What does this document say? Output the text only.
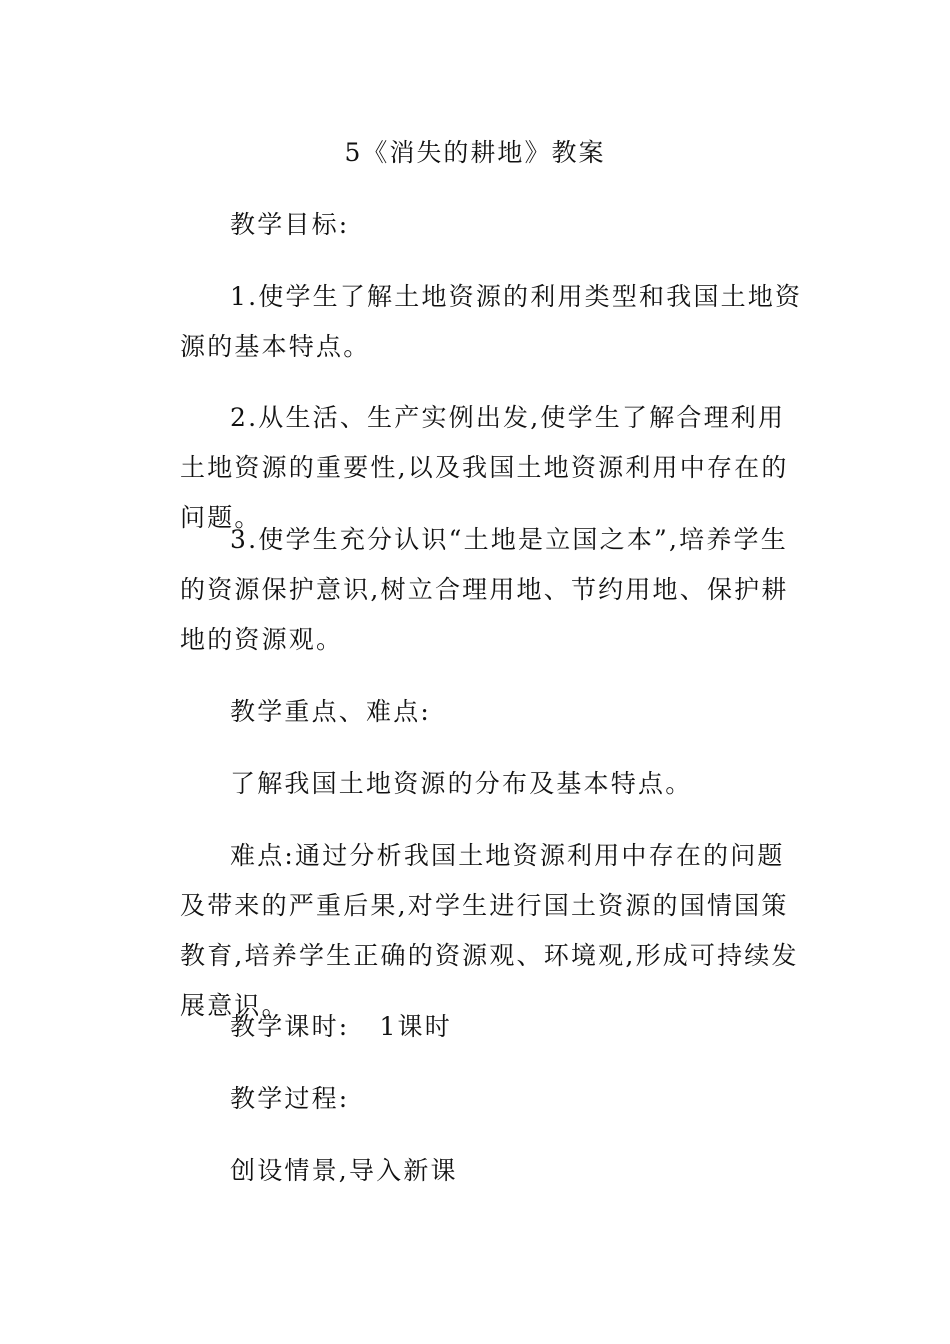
5《消失的耕地》教案

教学目标:

1.使学生了解土地资源的利用类型和我国土地资源的基本特点。

2.从生活、生产实例出发,使学生了解合理利用土地资源的重要性,以及我国土地资源利用中存在的问题。

3.使学生充分认识“土地是立国之本”,培养学生的资源保护意识,树立合理用地、节约用地、保护耕地的资源观。

教学重点、难点:

了解我国土地资源的分布及基本特点。

难点:通过分析我国土地资源利用中存在的问题及带来的严重后果,对学生进行国土资源的国情国策教育,培养学生正确的资源观、环境观,形成可持续发展意识。

教学课时: 1课时

教学过程:

创设情景,导入新课
